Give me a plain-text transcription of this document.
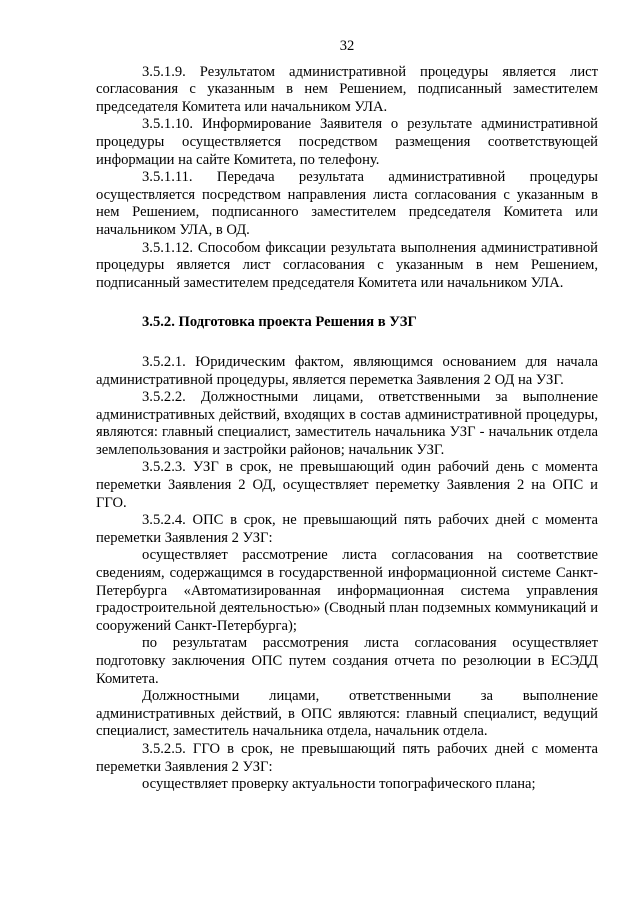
32

3.5.1.9. Результатом административной процедуры является лист согласования с указанным в нем Решением, подписанный заместителем председателя Комитета или начальником УЛА.

3.5.1.10. Информирование Заявителя о результате административной процедуры осуществляется посредством размещения соответствующей информации на сайте Комитета, по телефону.

3.5.1.11. Передача результата административной процедуры осуществляется посредством направления листа согласования с указанным в нем Решением, подписанного заместителем председателя Комитета или начальником УЛА, в ОД.

3.5.1.12. Способом фиксации результата выполнения административной процедуры является лист согласования с указанным в нем Решением, подписанный заместителем председателя Комитета или начальником УЛА.

3.5.2. Подготовка проекта Решения в УЗГ

3.5.2.1. Юридическим фактом, являющимся основанием для начала административной процедуры, является переметка Заявления 2 ОД на УЗГ.

3.5.2.2. Должностными лицами, ответственными за выполнение административных действий, входящих в состав административной процедуры, являются: главный специалист, заместитель начальника УЗГ - начальник отдела землепользования и застройки районов; начальник УЗГ.

3.5.2.3. УЗГ в срок, не превышающий один рабочий день с момента переметки Заявления 2 ОД, осуществляет переметку Заявления 2 на ОПС и ГГО.

3.5.2.4. ОПС в срок, не превышающий пять рабочих дней с момента переметки Заявления 2 УЗГ:

осуществляет рассмотрение листа согласования на соответствие сведениям, содержащимся в государственной информационной системе Санкт-Петербурга «Автоматизированная информационная система управления градостроительной деятельностью» (Сводный план подземных коммуникаций и сооружений Санкт-Петербурга);

по результатам рассмотрения листа согласования осуществляет подготовку заключения ОПС путем создания отчета по резолюции в ЕСЭДД Комитета.

Должностными лицами, ответственными за выполнение административных действий, в ОПС являются: главный специалист, ведущий специалист, заместитель начальника отдела, начальник отдела.

3.5.2.5. ГГО в срок, не превышающий пять рабочих дней с момента переметки Заявления 2 УЗГ:

осуществляет проверку актуальности топографического плана;
